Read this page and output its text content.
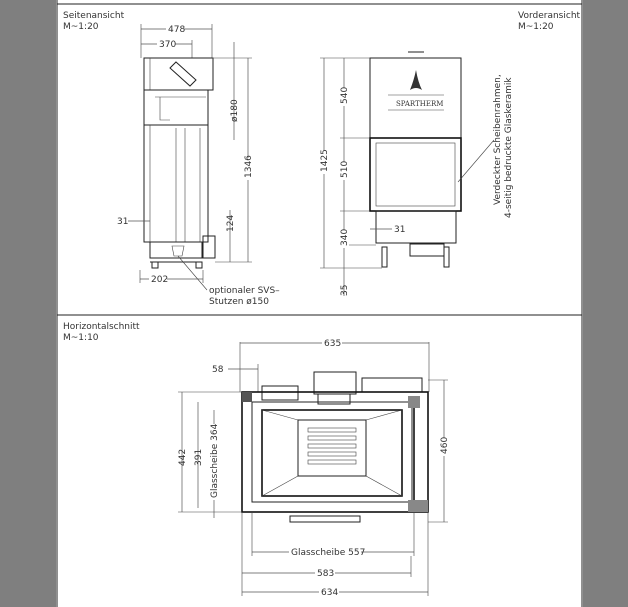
Seitenansicht
M~1:20	478
370
ø180
1346
124
31
202
optionaler SVS–
Stutzen ø150
Vorderansicht
M~1:20
SPARTHERM	Verdeckter Scheibenrahmen, 4-seitig bedruckte Glaskeramik
1425
540
510
340
35
31
Horizontalschnitt
M~1:10
635
58
442 391 Glasscheibe 364	460
Glasscheibe 557
583
634
